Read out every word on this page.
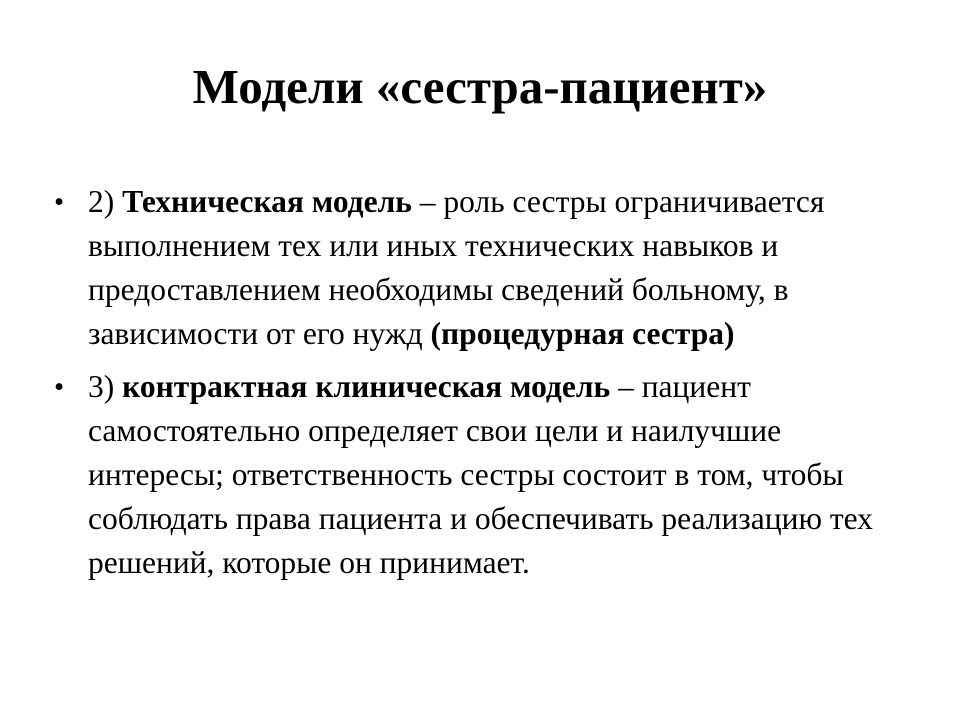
Модели «сестра-пациент»
• 2) Техническая модель – роль сестры ограничивается выполнением тех или иных технических навыков и предоставлением необходимы сведений больному, в зависимости от его нужд (процедурная сестра)
• 3) контрактная клиническая модель – пациент самостоятельно определяет свои цели и наилучшие интересы; ответственность сестры состоит в том, чтобы соблюдать права пациента и обеспечивать реализацию тех решений, которые он принимает.
